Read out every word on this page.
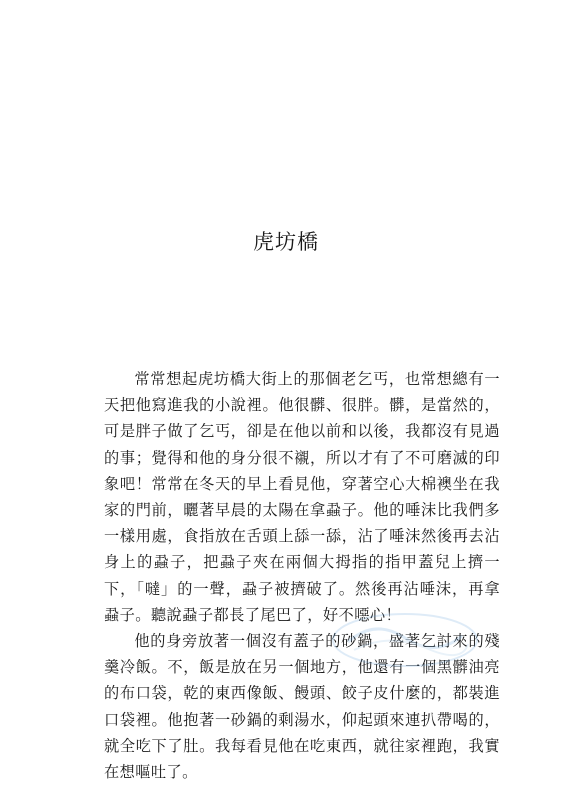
虎坊橋

常常想起虎坊橋大街上的那個老乞丐，也常想總有一天把他寫進我的小說裡。他很髒、很胖。髒，是當然的，可是胖子做了乞丐，卻是在他以前和以後，我都沒有見過的事；覺得和他的身分很不襯，所以才有了不可磨滅的印象吧！常常在冬天的早上看見他，穿著空心大棉襖坐在我家的門前，曬著早晨的太陽在拿蝨子。他的唾沫比我們多一樣用處，食指放在舌頭上舔一舔，沾了唾沫然後再去沾身上的蝨子，把蝨子夾在兩個大拇指的指甲蓋兒上擠一下，「噠」的一聲，蝨子被擠破了。然後再沾唾沫，再拿蝨子。聽說蝨子都長了尾巴了，好不噁心！

他的身旁放著一個沒有蓋子的砂鍋，盛著乞討來的殘羹冷飯。不，飯是放在另一個地方，他還有一個黑髒油亮的布口袋，乾的東西像飯、饅頭、餃子皮什麼的，都裝進口袋裡。他抱著一砂鍋的剩湯水，仰起頭來連扒帶喝的，就全吃下了肚。我每看見他在吃東西，就往家裡跑，我實在想嘔吐了。
